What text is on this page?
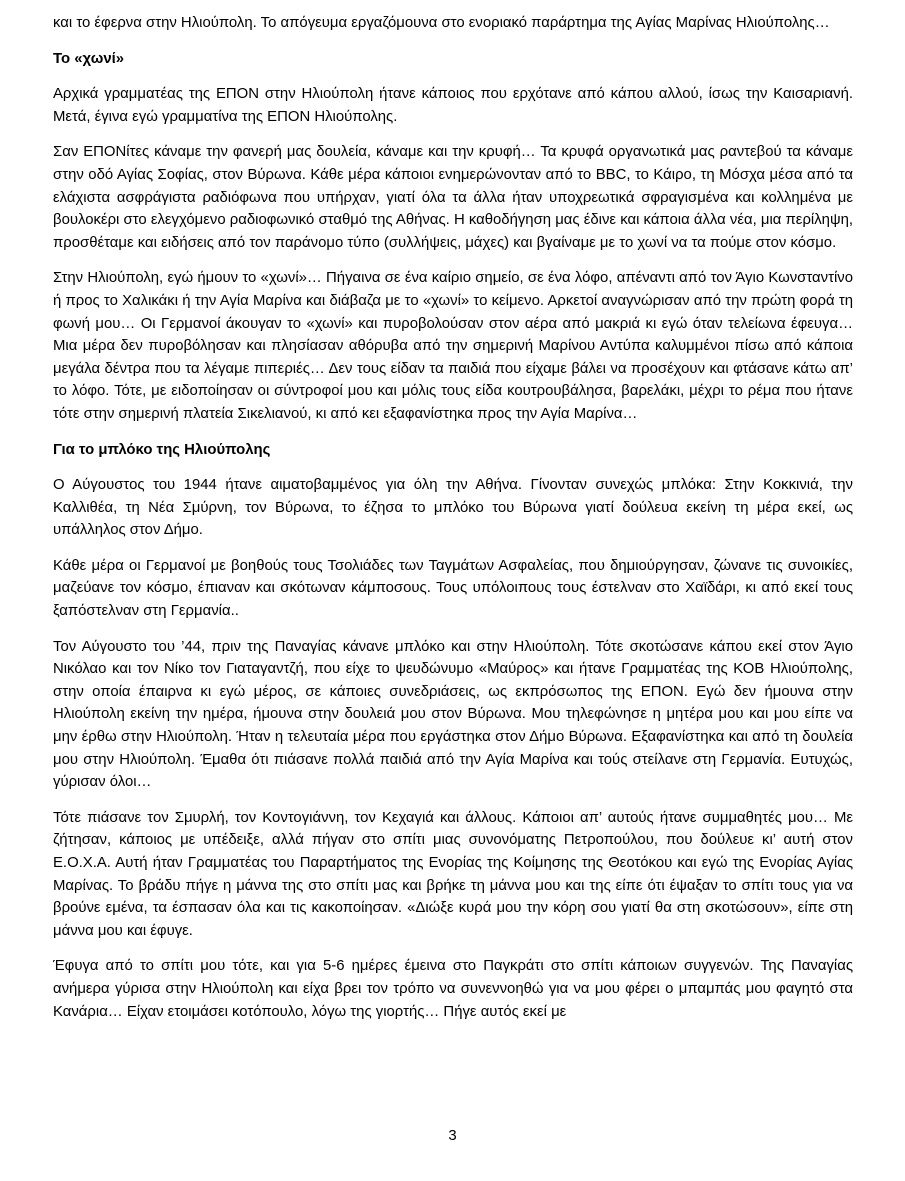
και το έφερνα στην Ηλιούπολη. Το απόγευμα εργαζόμουνα στο ενοριακό παράρτημα της Αγίας Μαρίνας Ηλιούπολης…

Το «χωνί»

Αρχικά γραμματέας της ΕΠΟΝ στην Ηλιούπολη ήτανε κάποιος που ερχότανε από κάπου αλλού, ίσως την Καισαριανή. Μετά, έγινα εγώ γραμματίνα της ΕΠΟΝ Ηλιούπολης.

Σαν ΕΠΟΝίτες κάναμε την φανερή μας δουλεία, κάναμε και την κρυφή… Τα κρυφά οργανωτικά μας ραντεβού τα κάναμε στην οδό Αγίας Σοφίας, στον Βύρωνα. Κάθε μέρα κάποιοι ενημερώνονταν από το BBC, το Κάιρο, τη Μόσχα μέσα από τα ελάχιστα ασφράγιστα ραδιόφωνα που υπήρχαν, γιατί όλα τα άλλα ήταν υποχρεωτικά σφραγισμένα και κολλημένα με βουλοκέρι στο ελεγχόμενο ραδιοφωνικό σταθμό της Αθήνας. Η καθοδήγηση μας έδινε και κάποια άλλα νέα, μια περίληψη, προσθέταμε και ειδήσεις από τον παράνομο τύπο (συλλήψεις, μάχες) και βγαίναμε με το χωνί να τα πούμε στον κόσμο.

Στην Ηλιούπολη, εγώ ήμουν το «χωνί»… Πήγαινα σε ένα καίριο σημείο, σε ένα λόφο, απέναντι από τον Άγιο Κωνσταντίνο ή προς το Χαλικάκι ή την Αγία Μαρίνα και διάβαζα με το «χωνί» το κείμενο. Αρκετοί αναγνώρισαν από την πρώτη φορά τη φωνή μου… Οι Γερμανοί άκουγαν το «χωνί» και πυροβολούσαν στον αέρα από μακριά κι εγώ όταν τελείωνα έφευγα… Μια μέρα δεν πυροβόλησαν και πλησίασαν αθόρυβα από την σημερινή Μαρίνου Αντύπα καλυμμένοι πίσω από κάποια μεγάλα δέντρα που τα λέγαμε πιπεριές… Δεν τους είδαν τα παιδιά που είχαμε βάλει να προσέχουν και φτάσανε κάτω απ’ το λόφο. Τότε, με ειδοποίησαν οι σύντροφοί μου και μόλις τους είδα κουτρουβάλησα, βαρελάκι, μέχρι το ρέμα που ήτανε τότε στην σημερινή πλατεία Σικελιανού, κι από κει εξαφανίστηκα προς την Αγία Μαρίνα…

Για το μπλόκο της Ηλιούπολης

Ο Αύγουστος του 1944 ήτανε αιματοβαμμένος για όλη την Αθήνα. Γίνονταν συνεχώς μπλόκα: Στην Κοκκινιά, την Καλλιθέα, τη Νέα Σμύρνη, τον Βύρωνα, το έζησα το μπλόκο του Βύρωνα γιατί δούλευα εκείνη τη μέρα εκεί, ως υπάλληλος στον Δήμο.

Κάθε μέρα οι Γερμανοί με βοηθούς τους Τσολιάδες των Ταγμάτων Ασφαλείας, που δημιούργησαν, ζώνανε τις συνοικίες, μαζεύανε τον κόσμο, έπιαναν και σκότωναν κάμποσους. Τους υπόλοιπους τους έστελναν στο Χαϊδάρι, κι από εκεί τους ξαπόστελναν στη Γερμανία..

Τον Αύγουστο του ’44, πριν της Παναγίας κάνανε μπλόκο και στην Ηλιούπολη. Τότε σκοτώσανε κάπου εκεί στον Άγιο Νικόλαο και τον Νίκο τον Γιαταγαντζή, που είχε το ψευδώνυμο «Μαύρος» και ήτανε Γραμματέας της ΚΟΒ Ηλιούπολης, στην οποία έπαιρνα κι εγώ μέρος, σε κάποιες συνεδριάσεις, ως εκπρόσωπος της ΕΠΟΝ. Εγώ δεν ήμουνα στην Ηλιούπολη εκείνη την ημέρα, ήμουνα στην δουλειά μου στον Βύρωνα. Μου τηλεφώνησε η μητέρα μου και μου είπε να μην έρθω στην Ηλιούπολη. Ήταν η τελευταία μέρα που εργάστηκα στον Δήμο Βύρωνα. Εξαφανίστηκα και από τη δουλεία μου στην Ηλιούπολη. Έμαθα ότι πιάσανε πολλά παιδιά από την Αγία Μαρίνα και τούς στείλανε στη Γερμανία. Ευτυχώς, γύρισαν όλοι…

Τότε πιάσανε τον Σμυρλή, τον Κοντογιάννη, τον Κεχαγιά και άλλους. Κάποιοι απ’ αυτούς ήτανε συμμαθητές μου… Με ζήτησαν, κάποιος με υπέδειξε, αλλά πήγαν στο σπίτι μιας συνονόματης Πετροπούλου, που δούλευε κι’ αυτή στον Ε.Ο.Χ.Α. Αυτή ήταν Γραμματέας του Παραρτήματος της Ενορίας της Κοίμησης της Θεοτόκου και εγώ της Ενορίας Αγίας Μαρίνας. Το βράδυ πήγε η μάννα της στο σπίτι μας και βρήκε τη μάννα μου και της είπε ότι έψαξαν το σπίτι τους για να βρούνε εμένα, τα έσπασαν όλα και τις κακοποίησαν. «Διώξε κυρά μου την κόρη σου γιατί θα στη σκοτώσουν», είπε στη μάννα μου και έφυγε.

Έφυγα από το σπίτι μου τότε, και για 5-6 ημέρες έμεινα στο Παγκράτι στο σπίτι κάποιων συγγενών. Της Παναγίας ανήμερα γύρισα στην Ηλιούπολη και είχα βρει τον τρόπο να συνεννοηθώ για να μου φέρει ο μπαμπάς μου φαγητό στα Κανάρια… Είχαν ετοιμάσει κοτόπουλο, λόγω της γιορτής… Πήγε αυτός εκεί με

3
